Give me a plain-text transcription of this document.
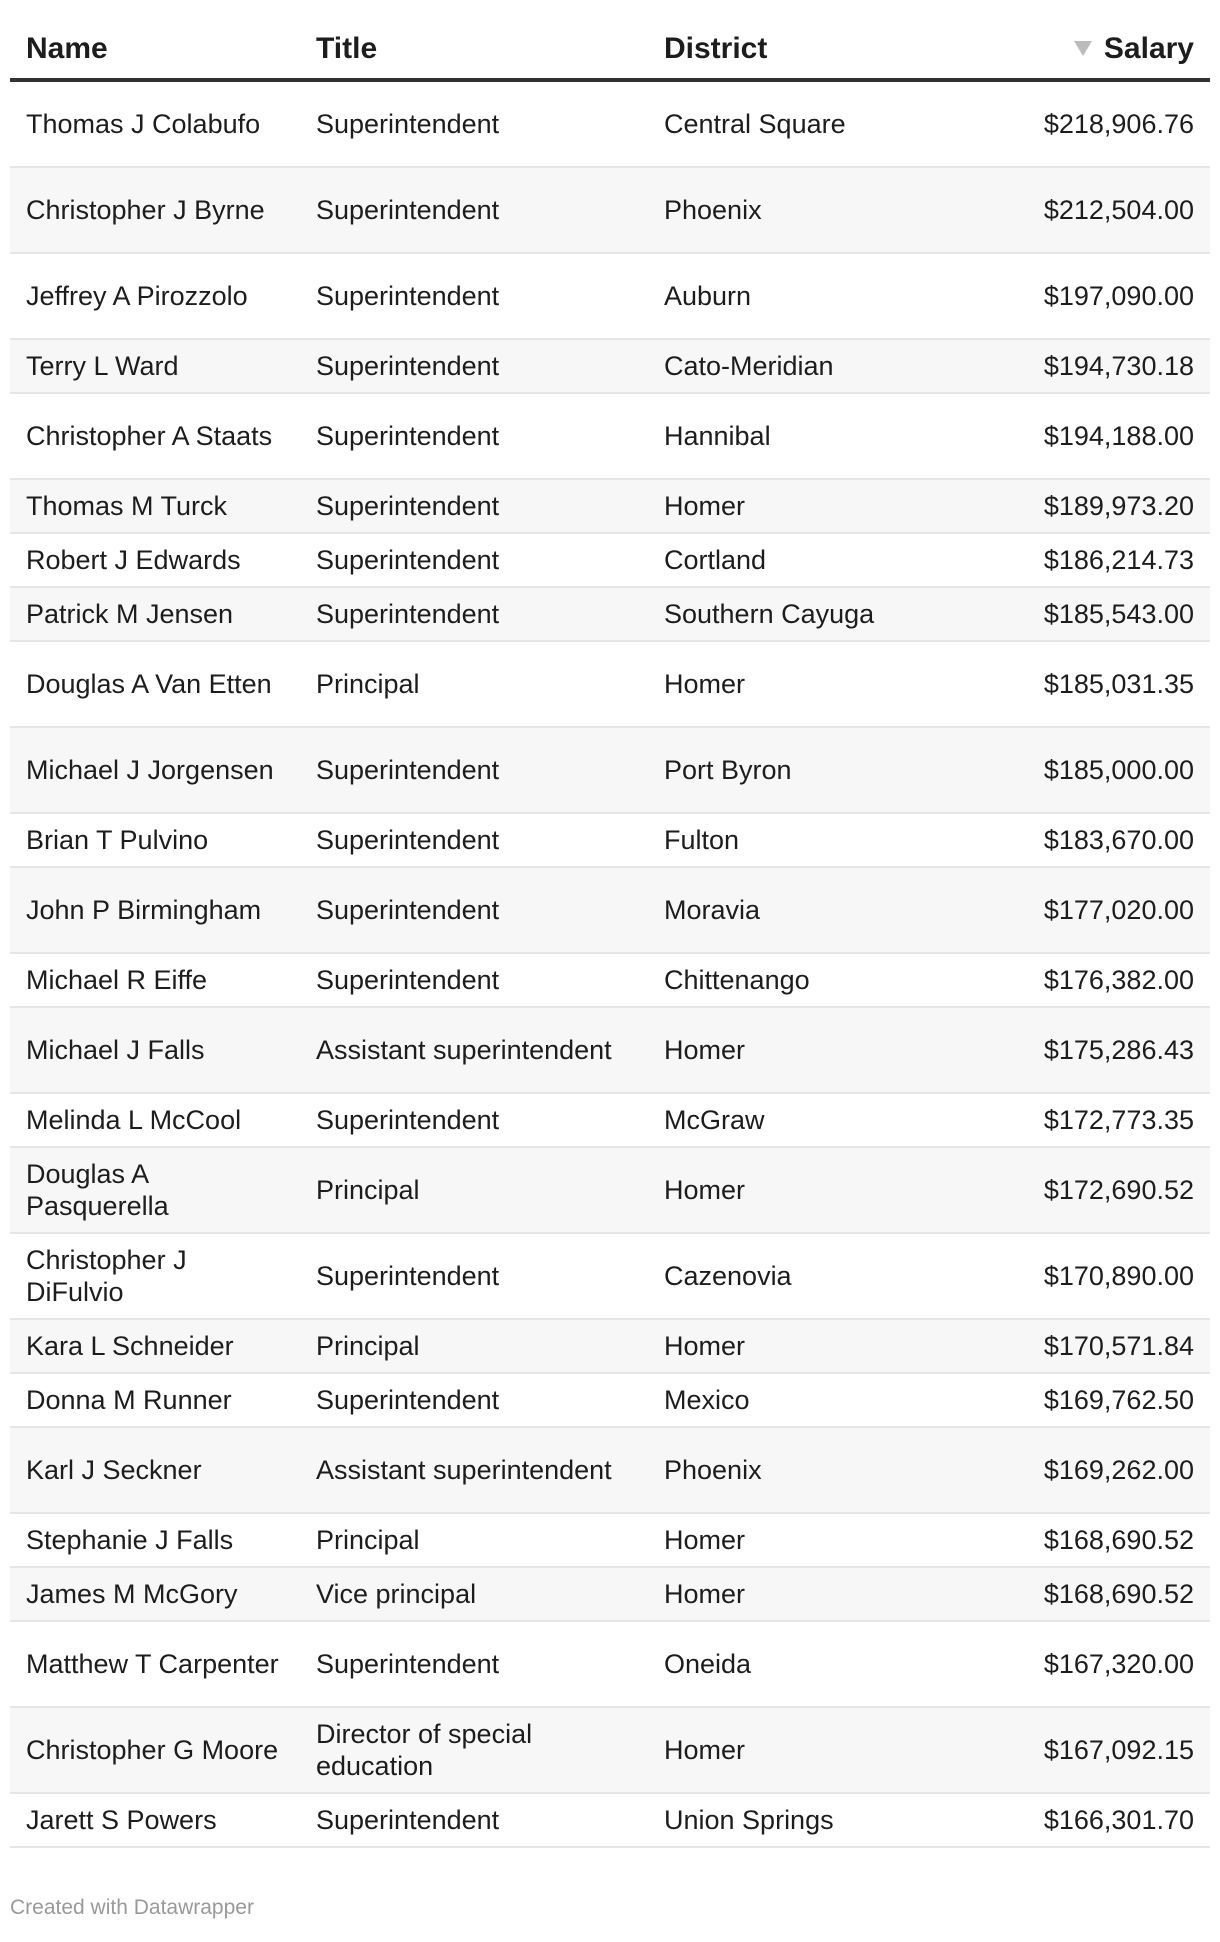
Name	Title	District	Salary
Thomas J Colabufo	Superintendent	Central Square	$218,906.76
Christopher J Byrne	Superintendent	Phoenix	$212,504.00
Jeffrey A Pirozzolo	Superintendent	Auburn	$197,090.00
Terry L Ward	Superintendent	Cato-Meridian	$194,730.18
Christopher A Staats	Superintendent	Hannibal	$194,188.00
Thomas M Turck	Superintendent	Homer	$189,973.20
Robert J Edwards	Superintendent	Cortland	$186,214.73
Patrick M Jensen	Superintendent	Southern Cayuga	$185,543.00
Douglas A Van Etten	Principal	Homer	$185,031.35
Michael J Jorgensen	Superintendent	Port Byron	$185,000.00
Brian T Pulvino	Superintendent	Fulton	$183,670.00
John P Birmingham	Superintendent	Moravia	$177,020.00
Michael R Eiffe	Superintendent	Chittenango	$176,382.00
Michael J Falls	Assistant superintendent	Homer	$175,286.43
Melinda L McCool	Superintendent	McGraw	$172,773.35
Douglas A Pasquerella	Principal	Homer	$172,690.52
Christopher J DiFulvio	Superintendent	Cazenovia	$170,890.00
Kara L Schneider	Principal	Homer	$170,571.84
Donna M Runner	Superintendent	Mexico	$169,762.50
Karl J Seckner	Assistant superintendent	Phoenix	$169,262.00
Stephanie J Falls	Principal	Homer	$168,690.52
James M McGory	Vice principal	Homer	$168,690.52
Matthew T Carpenter	Superintendent	Oneida	$167,320.00
Christopher G Moore	Director of special education	Homer	$167,092.15
Jarett S Powers	Superintendent	Union Springs	$166,301.70
Created with Datawrapper
